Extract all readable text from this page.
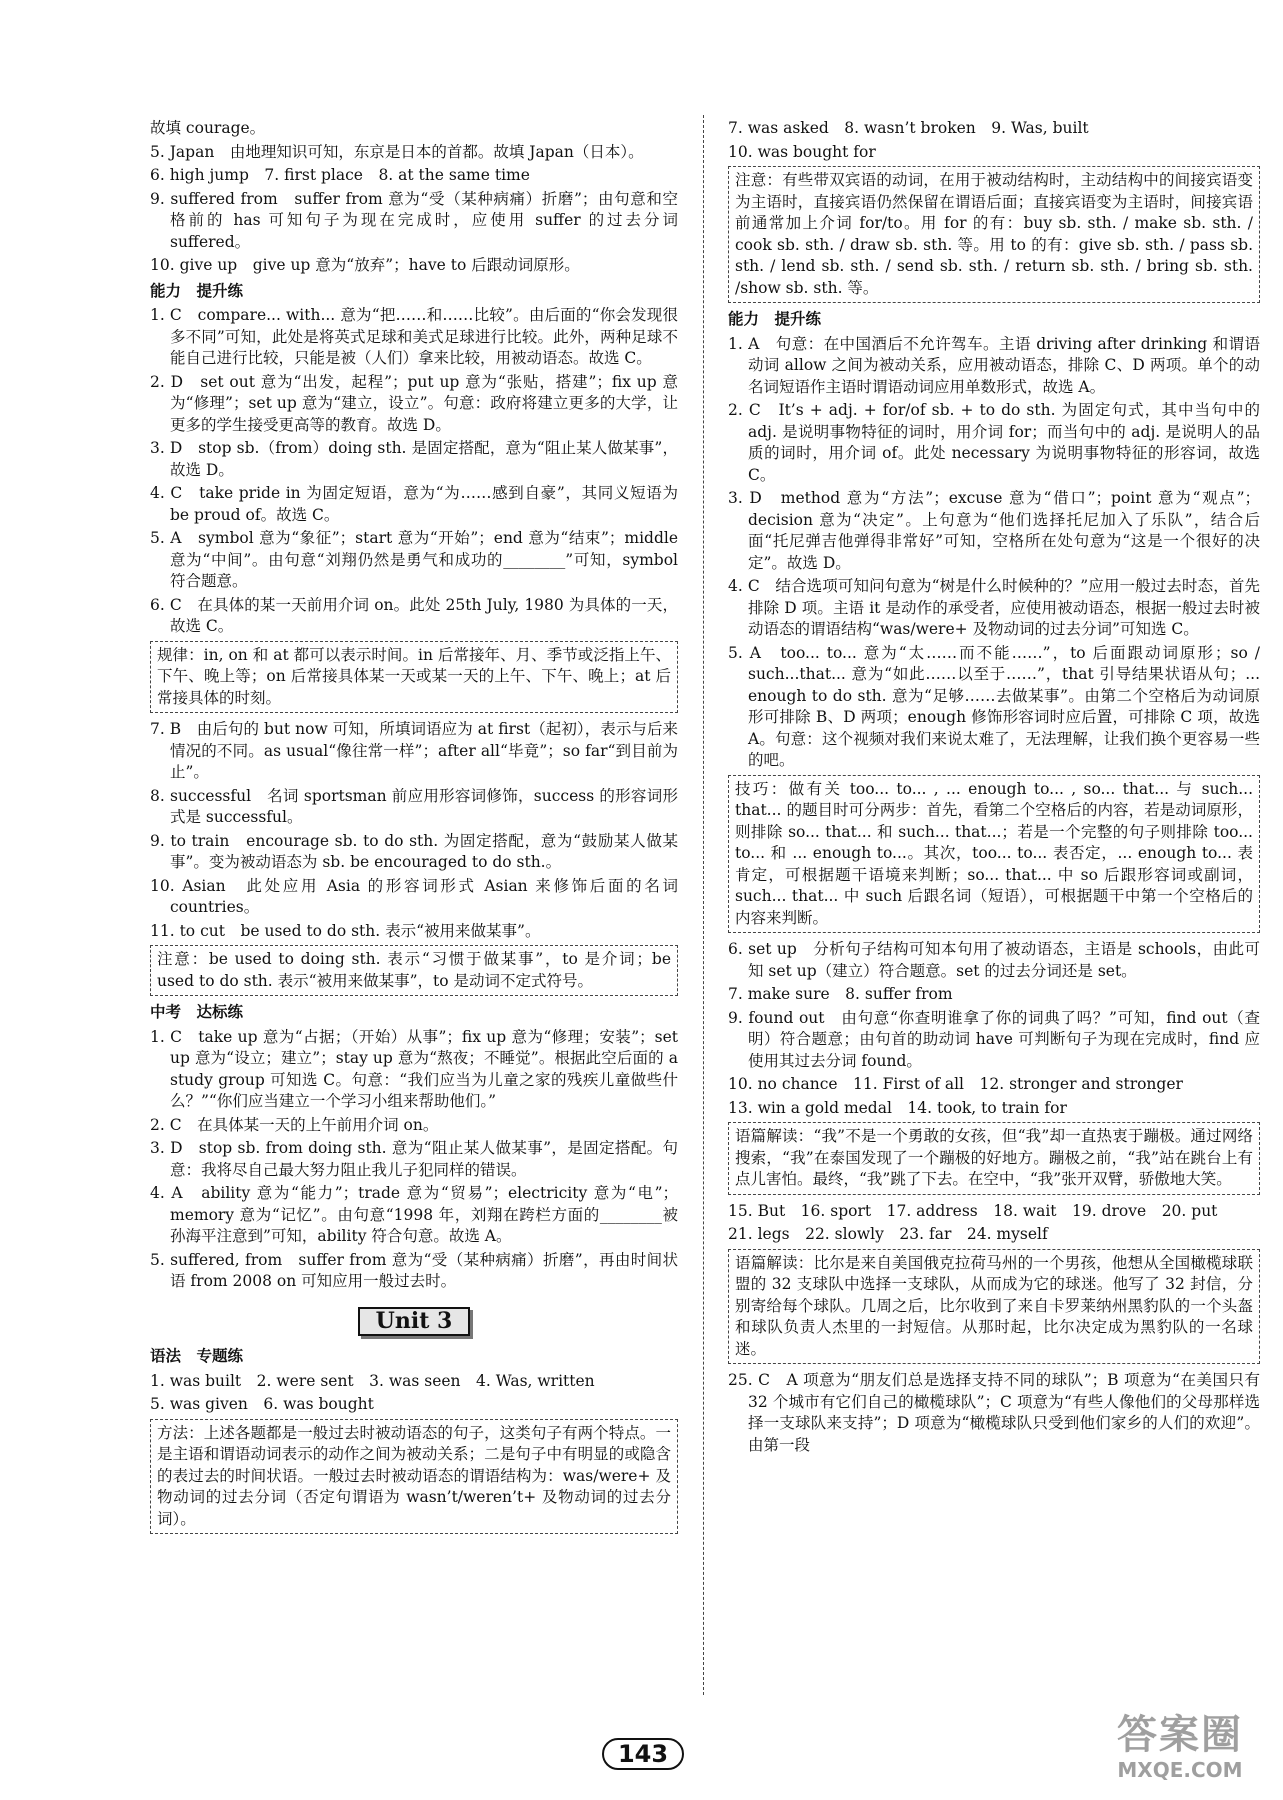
故填 courage。

5. Japan　由地理知识可知，东京是日本的首都。故填 Japan（日本）。

6. high jump　7. first place　8. at the same time

9. suffered from　suffer from 意为“受（某种病痛）折磨”；由句意和空格前的 has 可知句子为现在完成时，应使用 suffer 的过去分词 suffered。

10. give up　give up 意为“放弃”；have to 后跟动词原形。

能力　提升练

1. C　compare... with... 意为“把……和……比较”。由后面的“你会发现很多不同”可知，此处是将英式足球和美式足球进行比较。此外，两种足球不能自己进行比较，只能是被（人们）拿来比较，用被动语态。故选 C。

2. D　set out 意为“出发，起程”；put up 意为“张贴，搭建”；fix up 意为“修理”；set up 意为“建立，设立”。句意：政府将建立更多的大学，让更多的学生接受更高等的教育。故选 D。

3. D　stop sb.（from）doing sth. 是固定搭配，意为“阻止某人做某事”，故选 D。

4. C　take pride in 为固定短语，意为“为……感到自豪”，其同义短语为 be proud of。故选 C。

5. A　symbol 意为“象征”；start 意为“开始”；end 意为“结束”；middle 意为“中间”。由句意“刘翔仍然是勇气和成功的________”可知，symbol 符合题意。

6. C　在具体的某一天前用介词 on。此处 25th July, 1980 为具体的一天，故选 C。

规律：in, on 和 at 都可以表示时间。in 后常接年、月、季节或泛指上午、下午、晚上等；on 后常接具体某一天或某一天的上午、下午、晚上；at 后常接具体的时刻。

7. B　由后句的 but now 可知，所填词语应为 at first（起初），表示与后来情况的不同。as usual“像往常一样”；after all“毕竟”；so far“到目前为止”。

8. successful　名词 sportsman 前应用形容词修饰，success 的形容词形式是 successful。

9. to train　encourage sb. to do sth. 为固定搭配，意为“鼓励某人做某事”。变为被动语态为 sb. be encouraged to do sth.。

10. Asian　此处应用 Asia 的形容词形式 Asian 来修饰后面的名词 countries。

11. to cut　be used to do sth. 表示“被用来做某事”。

注意：be used to doing sth. 表示“习惯于做某事”，to 是介词；be used to do sth. 表示“被用来做某事”，to 是动词不定式符号。
中考　达标练

1. C　take up 意为“占据；（开始）从事”；fix up 意为“修理；安装”；set up 意为“设立；建立”；stay up 意为“熬夜；不睡觉”。根据此空后面的 a study group 可知选 C。句意：“我们应当为儿童之家的残疾儿童做些什么？”“你们应当建立一个学习小组来帮助他们。”

2. C　在具体某一天的上午前用介词 on。

3. D　stop sb. from doing sth. 意为“阻止某人做某事”，是固定搭配。句意：我将尽自己最大努力阻止我儿子犯同样的错误。

4. A　ability 意为“能力”；trade 意为“贸易”；electricity 意为“电”；memory 意为“记忆”。由句意“1998 年，刘翔在跨栏方面的________被孙海平注意到”可知，ability 符合句意。故选 A。

5. suffered, from　suffer from 意为“受（某种病痛）折磨”，再由时间状语 from 2008 on 可知应用一般过去时。

Unit 3
语法　专题练

1. was built　2. were sent　3. was seen　4. Was, written

5. was given　6. was bought

方法：上述各题都是一般过去时被动语态的句子，这类句子有两个特点。一是主语和谓语动词表示的动作之间为被动关系；二是句子中有明显的或隐含的表过去的时间状语。一般过去时被动语态的谓语结构为：was/were+ 及物动词的过去分词（否定句谓语为 wasn’t/weren’t+ 及物动词的过去分词）。

7. was asked　8. wasn’t broken　9. Was, built

10. was bought for

注意：有些带双宾语的动词，在用于被动结构时，主动结构中的间接宾语变为主语时，直接宾语仍然保留在谓语后面；直接宾语变为主语时，间接宾语前通常加上介词 for/to。用 for 的有：buy sb. sth. / make sb. sth. / cook sb. sth. / draw sb. sth. 等。用 to 的有：give sb. sth. / pass sb. sth. / lend sb. sth. / send sb. sth. / return sb. sth. / bring sb. sth. /show sb. sth. 等。
能力　提升练

1. A　句意：在中国酒后不允许驾车。主语 driving after drinking 和谓语动词 allow 之间为被动关系，应用被动语态，排除 C、D 两项。单个的动名词短语作主语时谓语动词应用单数形式，故选 A。

2. C　It’s + adj. + for/of sb. + to do sth. 为固定句式，其中当句中的 adj. 是说明事物特征的词时，用介词 for；而当句中的 adj. 是说明人的品质的词时，用介词 of。此处 necessary 为说明事物特征的形容词，故选 C。

3. D　method 意为“方法”；excuse 意为“借口”；point 意为“观点”；decision 意为“决定”。上句意为“他们选择托尼加入了乐队”，结合后面“托尼弹吉他弹得非常好”可知，空格所在处句意为“这是一个很好的决定”。故选 D。

4. C　结合选项可知问句意为“树是什么时候种的？”应用一般过去时态，首先排除 D 项。主语 it 是动作的承受者，应使用被动语态，根据一般过去时被动语态的谓语结构“was/were+ 及物动词的过去分词”可知选 C。

5. A　too... to... 意为“太……而不能……”，to 后面跟动词原形；so / such...that... 意为“如此……以至于……”，that 引导结果状语从句；... enough to do sth. 意为“足够……去做某事”。由第二个空格后为动词原形可排除 B、D 两项；enough 修饰形容词时应后置，可排除 C 项，故选 A。句意：这个视频对我们来说太难了，无法理解，让我们换个更容易一些的吧。

技巧：做有关 too... to... , ... enough to... , so... that... 与 such... that... 的题目时可分两步：首先，看第二个空格后的内容，若是动词原形，则排除 so... that... 和 such... that...；若是一个完整的句子则排除 too... to... 和 ... enough to...。其次，too... to... 表否定，... enough to... 表肯定，可根据题干语境来判断；so... that... 中 so 后跟形容词或副词，such... that... 中 such 后跟名词（短语），可根据题干中第一个空格后的内容来判断。

6. set up　分析句子结构可知本句用了被动语态，主语是 schools，由此可知 set up（建立）符合题意。set 的过去分词还是 set。

7. make sure　8. suffer from

9. found out　由句意“你查明谁拿了你的词典了吗？”可知，find out（查明）符合题意；由句首的助动词 have 可判断句子为现在完成时，find 应使用其过去分词 found。

10. no chance　11. First of all　12. stronger and stronger

13. win a gold medal　14. took, to train for

语篇解读：“我”不是一个勇敢的女孩，但“我”却一直热衷于蹦极。通过网络搜索，“我”在泰国发现了一个蹦极的好地方。蹦极之前，“我”站在跳台上有点儿害怕。最终，“我”跳了下去。在空中，“我”张开双臂，骄傲地大笑。

15. But　16. sport　17. address　18. wait　19. drove　20. put

21. legs　22. slowly　23. far　24. myself

语篇解读：比尔是来自美国俄克拉荷马州的一个男孩，他想从全国橄榄球联盟的 32 支球队中选择一支球队，从而成为它的球迷。他写了 32 封信，分别寄给每个球队。几周之后，比尔收到了来自卡罗莱纳州黑豹队的一个头盔和球队负责人杰里的一封短信。从那时起，比尔决定成为黑豹队的一名球迷。

25. C　A 项意为“朋友们总是选择支持不同的球队”；B 项意为“在美国只有 32 个城市有它们自己的橄榄球队”；C 项意为“有些人像他们的父母那样选择一支球队来支持”；D 项意为“橄榄球队只受到他们家乡的人们的欢迎”。由第一段

143	答案圈
MXQE.COM
